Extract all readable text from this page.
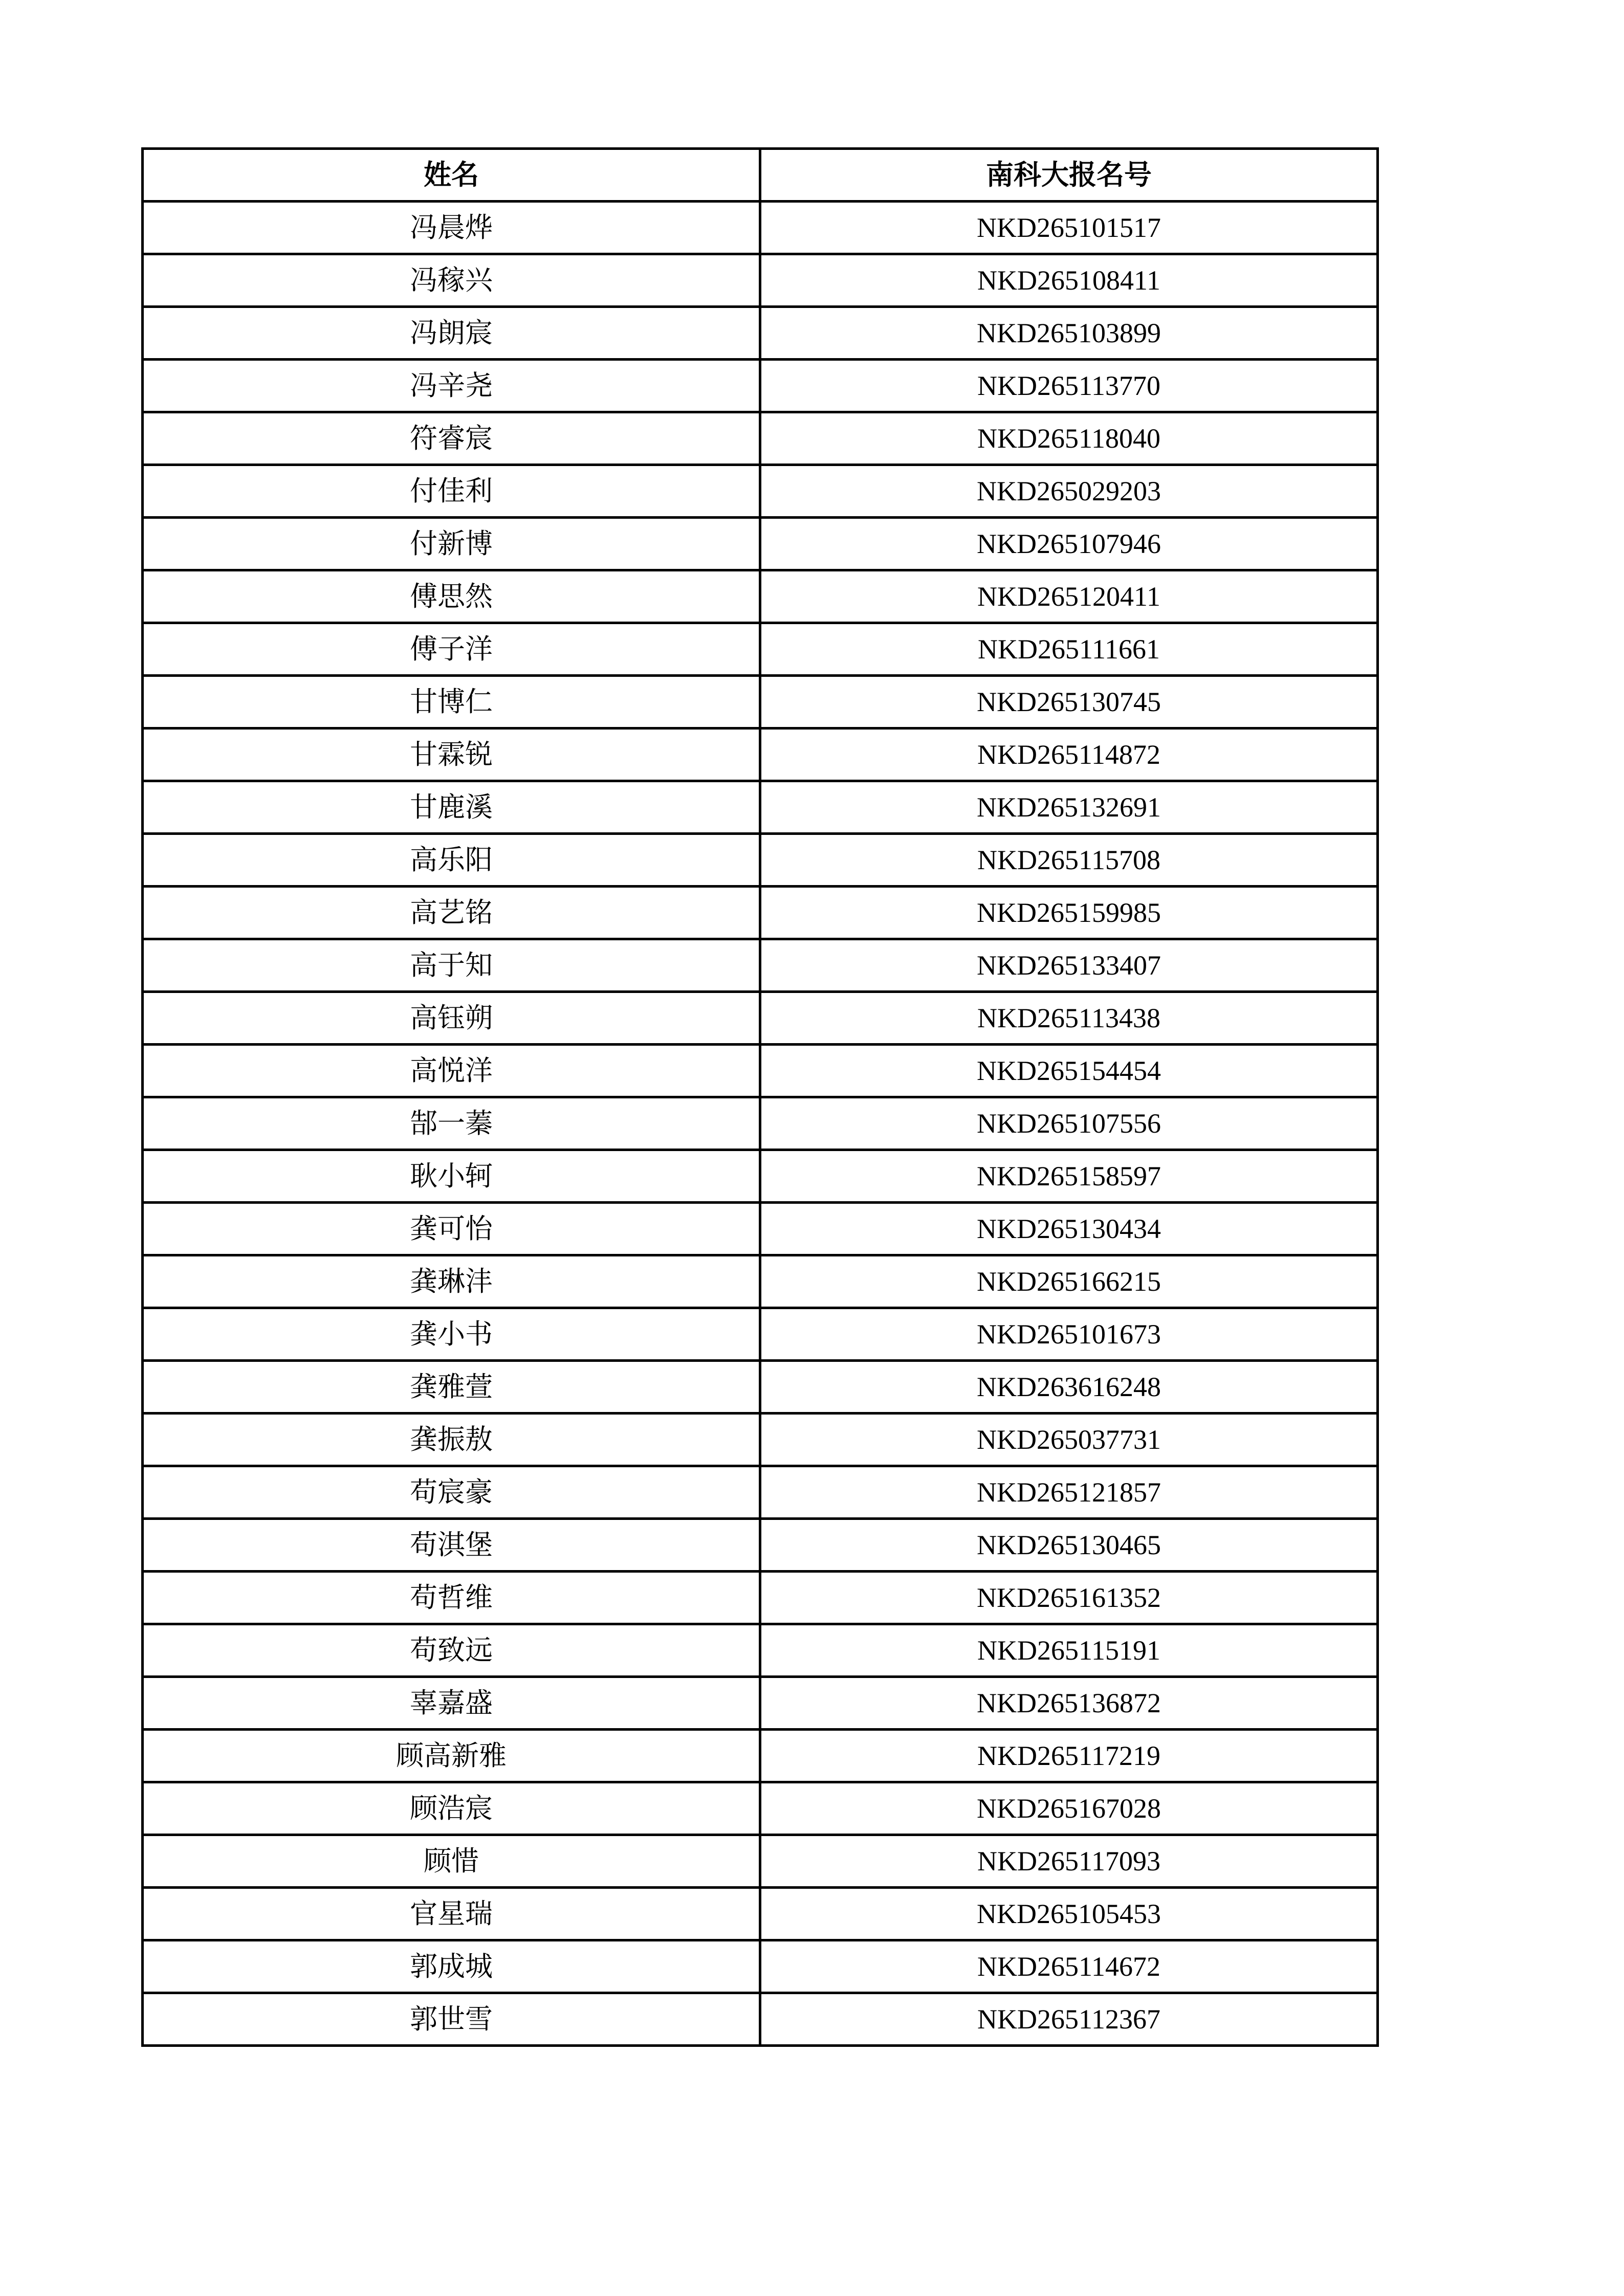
姓名	南科大报名号
冯晨烨	NKD265101517
冯稼兴	NKD265108411
冯朗宸	NKD265103899
冯辛尧	NKD265113770
符睿宸	NKD265118040
付佳利	NKD265029203
付新博	NKD265107946
傅思然	NKD265120411
傅子洋	NKD265111661
甘博仁	NKD265130745
甘霖锐	NKD265114872
甘鹿溪	NKD265132691
高乐阳	NKD265115708
高艺铭	NKD265159985
高于知	NKD265133407
高钰朔	NKD265113438
高悦洋	NKD265154454
郜一蓁	NKD265107556
耿小轲	NKD265158597
龚可怡	NKD265130434
龚琳沣	NKD265166215
龚小书	NKD265101673
龚雅萱	NKD263616248
龚振敖	NKD265037731
苟宸豪	NKD265121857
苟淇堡	NKD265130465
苟哲维	NKD265161352
苟致远	NKD265115191
辜嘉盛	NKD265136872
顾高新雅	NKD265117219
顾浩宸	NKD265167028
顾惜	NKD265117093
官星瑞	NKD265105453
郭成城	NKD265114672
郭世雪	NKD265112367
